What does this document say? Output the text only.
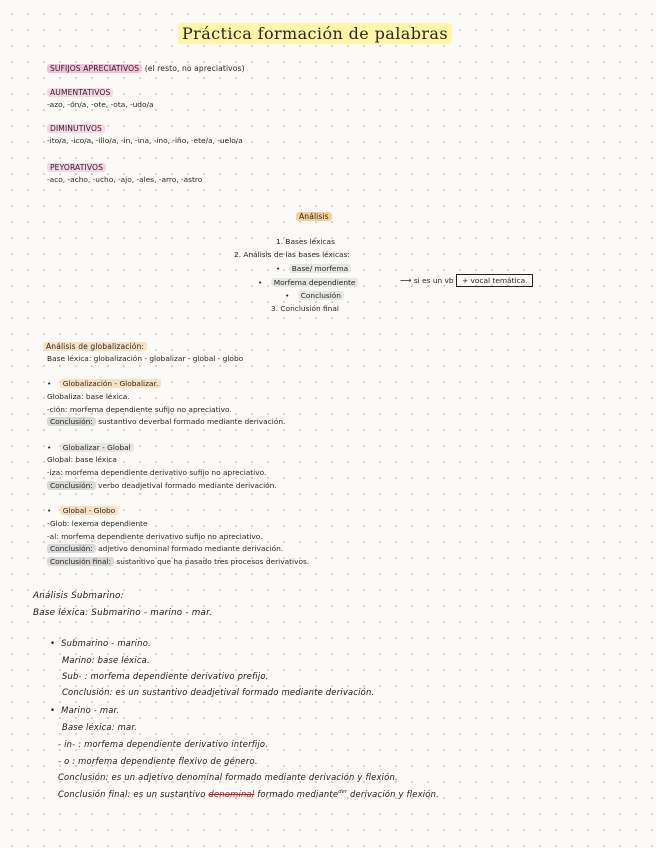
Práctica formación de palabras
SUFIJOS APRECIATIVOS (el resto, no apreciativos)
AUMENTATIVOS
-azo, -ón/a, -ote, -ota, -udo/a
DIMINUTIVOS
-ito/a, -ico/a, -illo/a, -in, -ina, -ino, -iño, -ete/a, -uelo/a
PEYORATIVOS
-aco, -acho, -ucho, -ajo, -ales, -arro, -astro
Análisis
1. Bases léxicas
2. Análisis de las bases léxicas:
• Base/ morfema
• Morfema dependiente	⟶ si es un vb + vocal temática.
• Conclusión
3. Conclusión final
Análisis de globalización:
Base léxica: globalización - globalizar - global - globo
• Globalización - Globalizar.
Globaliza: base léxica.
-ción: morfema dependiente sufijo no apreciativo.
Conclusión: sustantivo deverbal formado mediante derivación.
• Globalizar - Global
Global: base léxica
-iza: morfema dependiente derivativo sufijo no apreciativo.
Conclusión: verbo deadjetival formado mediante derivación.
• Global - Globo
-Glob: lexema dependiente
-al: morfema dependiente derivativo sufijo no apreciativo.
Conclusión: adjetivo denominal formado mediante derivación.
Conclusión final: sustantivo que ha pasado tres procesos derivativos.
Análisis Submarino:
Base léxica: Submarino - marino - mar.
• Submarino - marino.
Marino: base léxica.
Sub- : morfema dependiente derivativo prefijo.
Conclusión: es un sustantivo deadjetival formado mediante derivación.
• Marino - mar.
Base léxica: mar.
- in- : morfema dependiente derivativo interfijo.
- o : morfema dependiente flexivo de género.
Conclusión: es un adjetivo denominal formado mediante derivación y flexión.
Conclusión final: es un sustantivo denominal formado mediante$^{der}$ derivación y flexión.
